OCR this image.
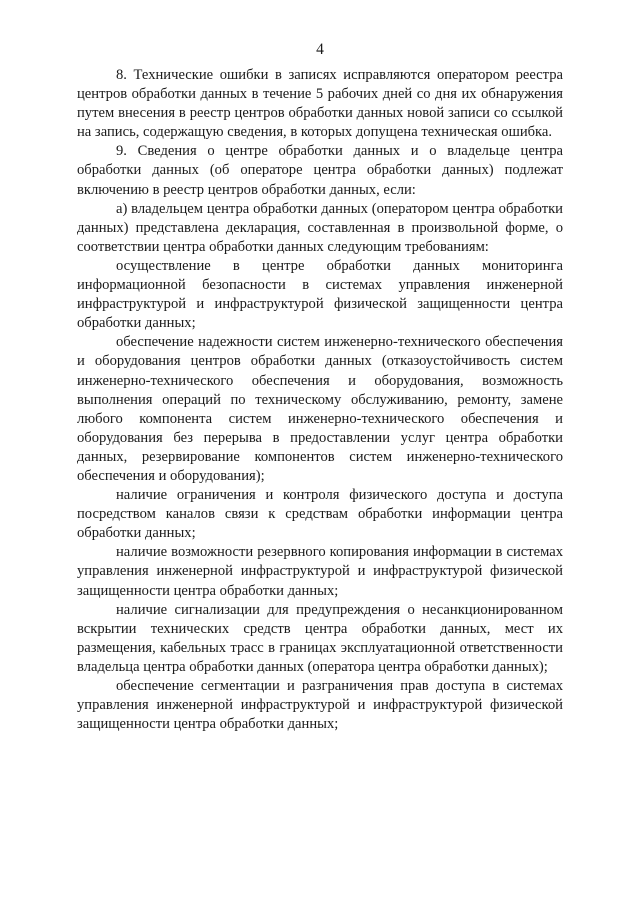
4

8. Технические ошибки в записях исправляются оператором реестра центров обработки данных в течение 5 рабочих дней со дня их обнаружения путем внесения в реестр центров обработки данных новой записи со ссылкой на запись, содержащую сведения, в которых допущена техническая ошибка.

9. Сведения о центре обработки данных и о владельце центра обработки данных (об операторе центра обработки данных) подлежат включению в реестр центров обработки данных, если:

а) владельцем центра обработки данных (оператором центра обработки данных) представлена декларация, составленная в произвольной форме, о соответствии центра обработки данных следующим требованиям:

осуществление в центре обработки данных мониторинга информационной безопасности в системах управления инженерной инфраструктурой и инфраструктурой физической защищенности центра обработки данных;

обеспечение надежности систем инженерно-технического обеспечения и оборудования центров обработки данных (отказоустойчивость систем инженерно-технического обеспечения и оборудования, возможность выполнения операций по техническому обслуживанию, ремонту, замене любого компонента систем инженерно-технического обеспечения и оборудования без перерыва в предоставлении услуг центра обработки данных, резервирование компонентов систем инженерно-технического обеспечения и оборудования);

наличие ограничения и контроля физического доступа и доступа посредством каналов связи к средствам обработки информации центра обработки данных;

наличие возможности резервного копирования информации в системах управления инженерной инфраструктурой и инфраструктурой физической защищенности центра обработки данных;

наличие сигнализации для предупреждения о несанкционированном вскрытии технических средств центра обработки данных, мест их размещения, кабельных трасс в границах эксплуатационной ответственности владельца центра обработки данных (оператора центра обработки данных);

обеспечение сегментации и разграничения прав доступа в системах управления инженерной инфраструктурой и инфраструктурой физической защищенности центра обработки данных;
